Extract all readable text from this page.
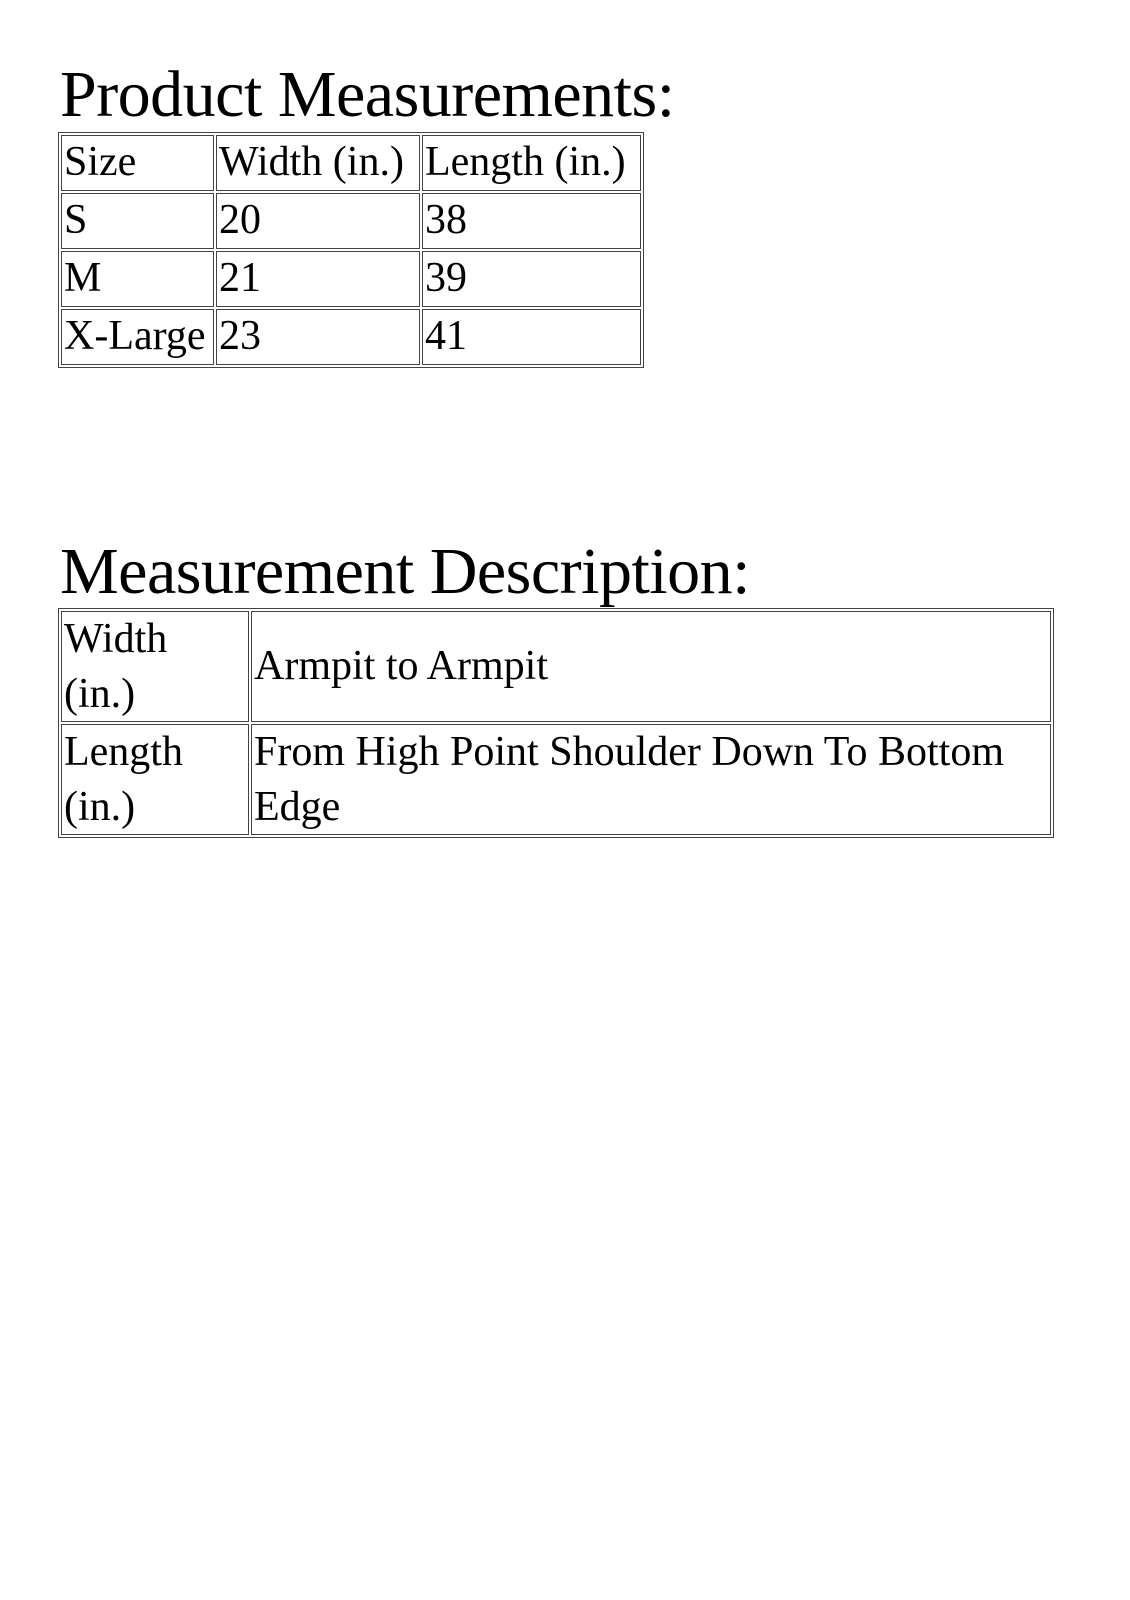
Product Measurements:
Size	Width (in.)	Length (in.)
S	20	38
M	21	39
X-Large	23	41
Measurement Description:
Width (in.)	Armpit to Armpit
Length (in.)	From High Point Shoulder Down To Bottom Edge
